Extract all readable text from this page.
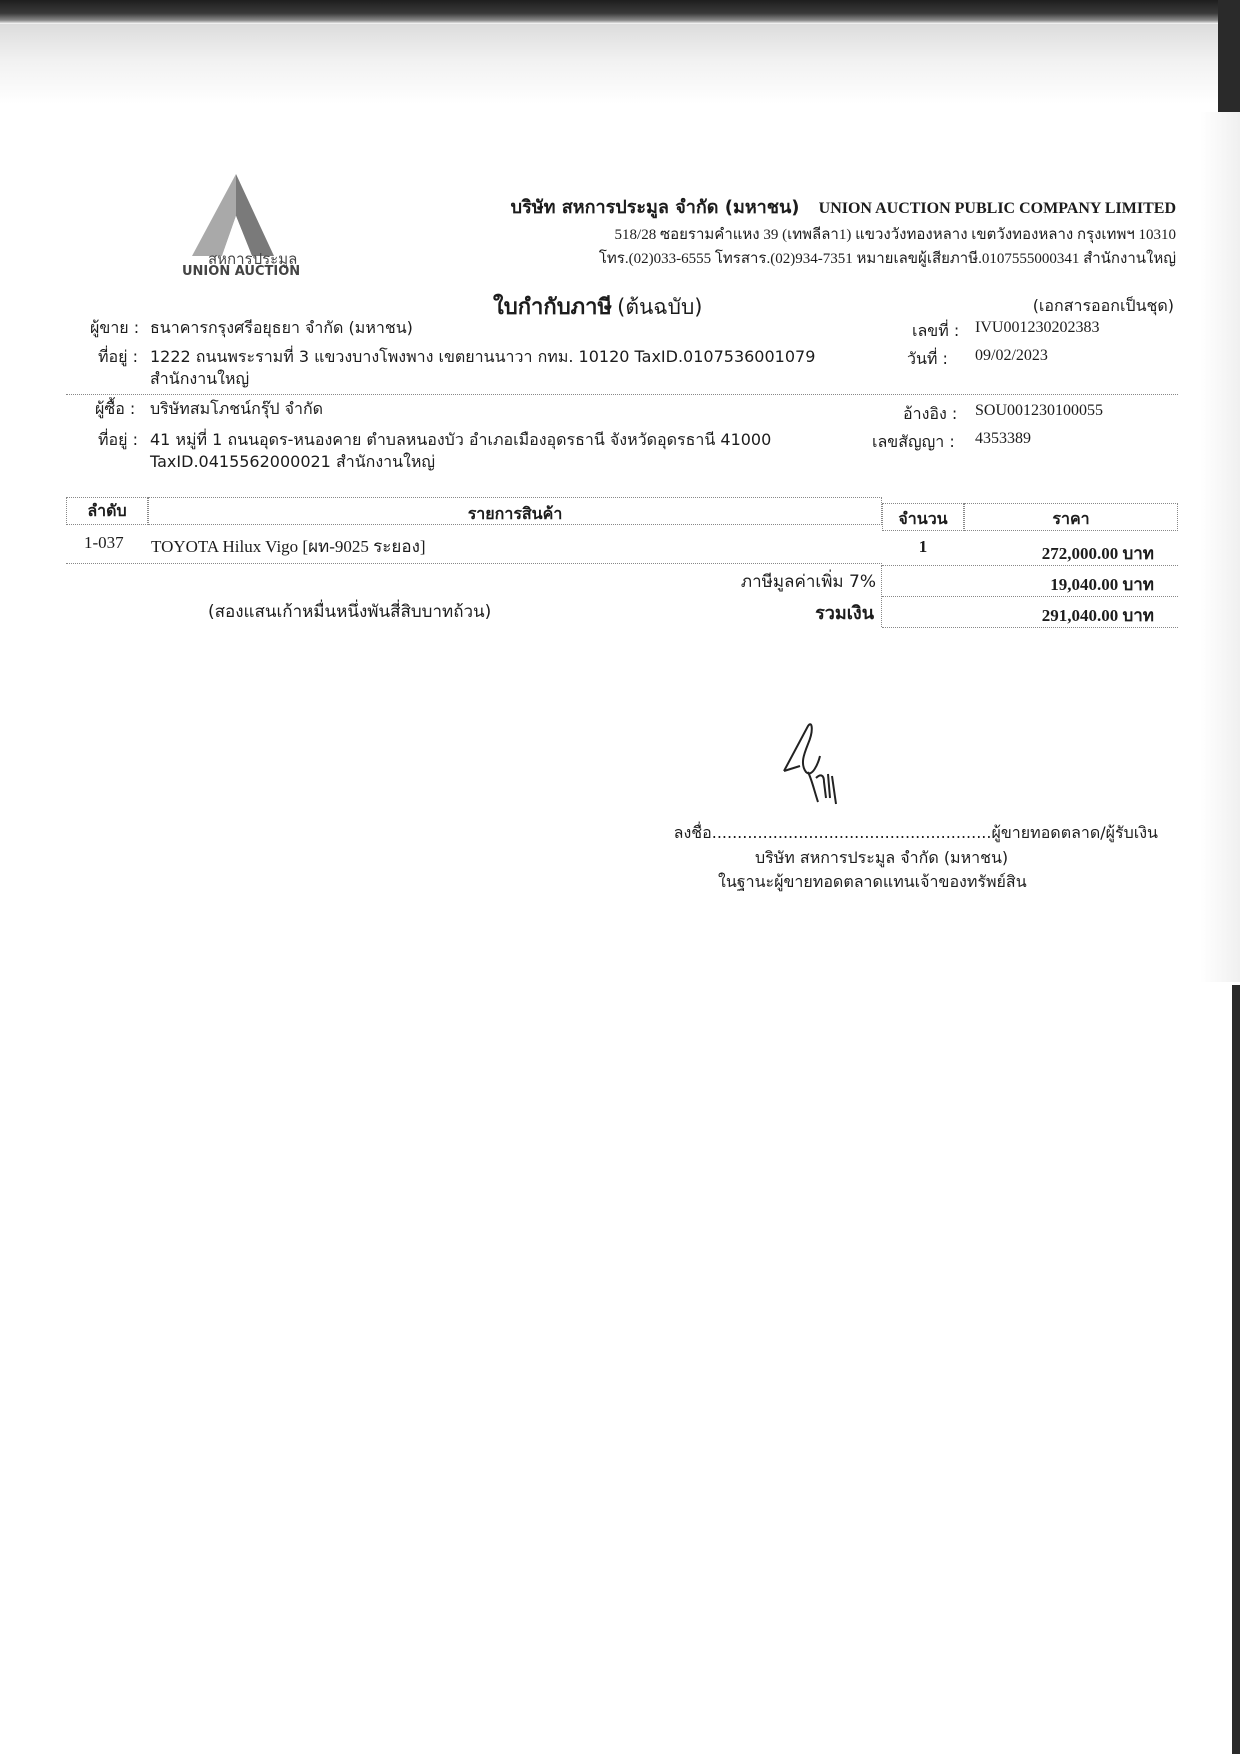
สหการประมูล
UNION AUCTION
บริษัท สหการประมูล จำกัด (มหาชน) UNION AUCTION PUBLIC COMPANY LIMITED
518/28 ซอยรามคำแหง 39 (เทพลีลา1) แขวงวังทองหลาง เขตวังทองหลาง กรุงเทพฯ 10310
โทร.(02)033-6555 โทรสาร.(02)934-7351 หมายเลขผู้เสียภาษี.0107555000341 สำนักงานใหญ่
ใบกำกับภาษี (ต้นฉบับ)	(เอกสารออกเป็นชุด)
ผู้ขาย : ธนาคารกรุงศรีอยุธยา จำกัด (มหาชน)
ที่อยู่ : 1222 ถนนพระรามที่ 3 แขวงบางโพงพาง เขตยานนาวา กทม. 10120 TaxID.0107536001079
สำนักงานใหญ่
เลขที่ : IVU001230202383
วันที่ : 09/02/2023
ผู้ซื้อ : บริษัทสมโภชน์กรุ๊ป จำกัด
ที่อยู่ : 41 หมู่ที่ 1 ถนนอุดร-หนองคาย ตำบลหนองบัว อำเภอเมืองอุดรธานี จังหวัดอุดรธานี 41000
TaxID.0415562000021 สำนักงานใหญ่
อ้างอิง : SOU001230100055
เลขสัญญา : 4353389
ลำดับ	รายการสินค้า	จำนวน	ราคา
1-037 TOYOTA Hilux Vigo [ผท-9025 ระยอง]	1	272,000.00 บาท
ภาษีมูลค่าเพิ่ม 7%	19,040.00 บาท
(สองแสนเก้าหมื่นหนึ่งพันสี่สิบบาทถ้วน)	รวมเงิน	291,040.00 บาท
ลงชื่อ.......................................................ผู้ขายทอดตลาด/ผู้รับเงิน
บริษัท สหการประมูล จำกัด (มหาชน)
ในฐานะผู้ขายทอดตลาดแทนเจ้าของทรัพย์สิน
